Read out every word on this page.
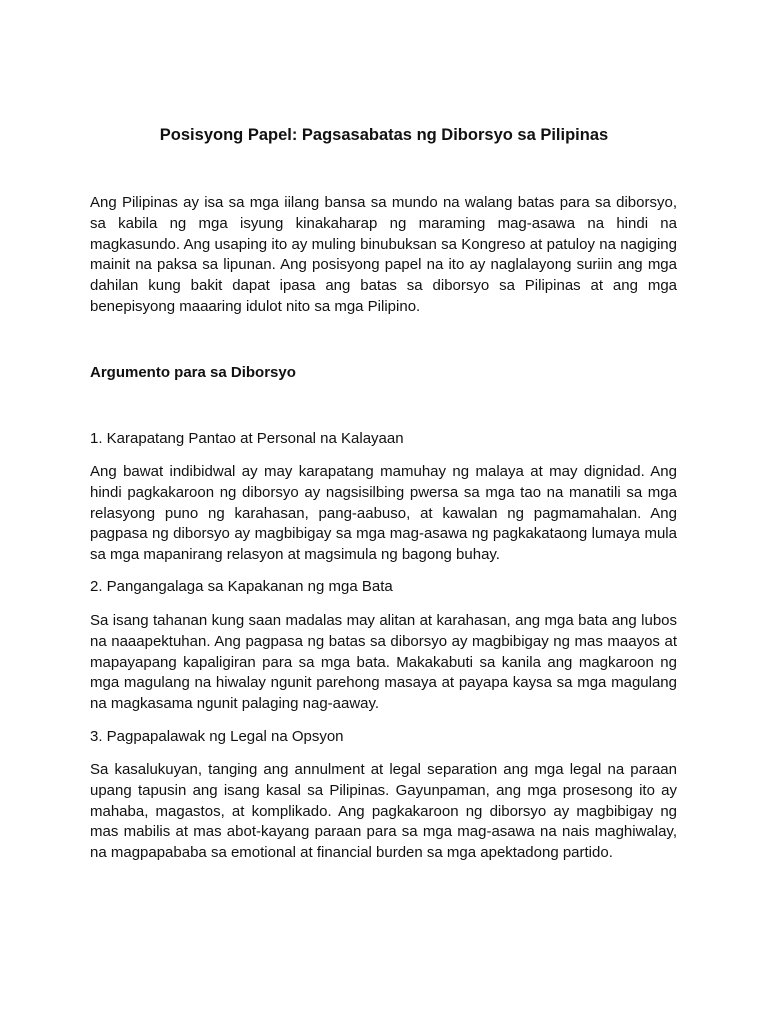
Posisyong Papel: Pagsasabatas ng Diborsyo sa Pilipinas

Ang Pilipinas ay isa sa mga iilang bansa sa mundo na walang batas para sa diborsyo, sa kabila ng mga isyung kinakaharap ng maraming mag-asawa na hindi na magkasundo. Ang usaping ito ay muling binubuksan sa Kongreso at patuloy na nagiging mainit na paksa sa lipunan. Ang posisyong papel na ito ay naglalayong suriin ang mga dahilan kung bakit dapat ipasa ang batas sa diborsyo sa Pilipinas at ang mga benepisyong maaaring idulot nito sa mga Pilipino.

Argumento para sa Diborsyo

1. Karapatang Pantao at Personal na Kalayaan

Ang bawat indibidwal ay may karapatang mamuhay ng malaya at may dignidad. Ang hindi pagkakaroon ng diborsyo ay nagsisilbing pwersa sa mga tao na manatili sa mga relasyong puno ng karahasan, pang-aabuso, at kawalan ng pagmamahalan. Ang pagpasa ng diborsyo ay magbibigay sa mga mag-asawa ng pagkakataong lumaya mula sa mga mapanirang relasyon at magsimula ng bagong buhay.

2. Pangangalaga sa Kapakanan ng mga Bata

Sa isang tahanan kung saan madalas may alitan at karahasan, ang mga bata ang lubos na naaapektuhan. Ang pagpasa ng batas sa diborsyo ay magbibigay ng mas maayos at mapayapang kapaligiran para sa mga bata. Makakabuti sa kanila ang magkaroon ng mga magulang na hiwalay ngunit parehong masaya at payapa kaysa sa mga magulang na magkasama ngunit palaging nag-aaway.

3. Pagpapalawak ng Legal na Opsyon

Sa kasalukuyan, tanging ang annulment at legal separation ang mga legal na paraan upang tapusin ang isang kasal sa Pilipinas. Gayunpaman, ang mga prosesong ito ay mahaba, magastos, at komplikado. Ang pagkakaroon ng diborsyo ay magbibigay ng mas mabilis at mas abot-kayang paraan para sa mga mag-asawa na nais maghiwalay, na magpapababa sa emotional at financial burden sa mga apektadong partido.
